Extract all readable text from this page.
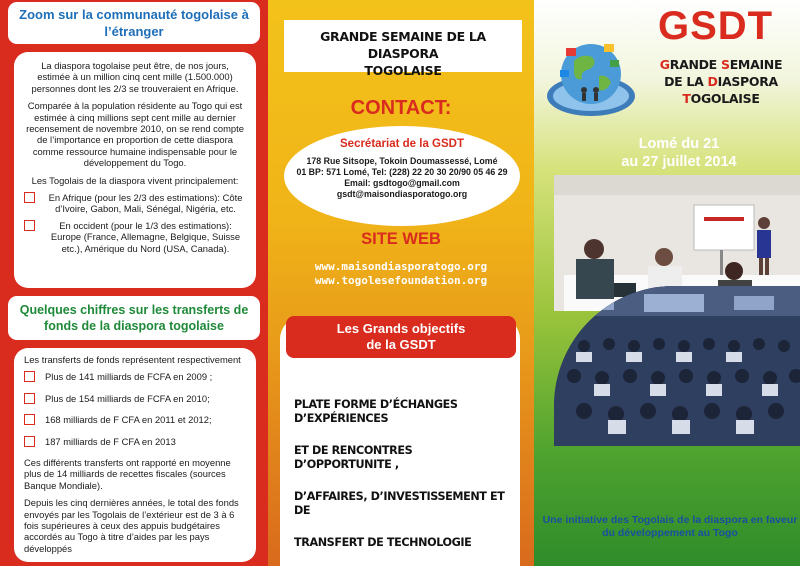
Zoom sur la communauté togolaise à l’étranger
La diaspora togolaise peut être, de nos jours, estimée à un million cinq cent mille (1.500.000) personnes dont les 2/3 se trouveraient en Afrique.
Comparée à la population résidente au Togo qui est estimée à cinq millions sept cent mille au dernier recensement de novembre 2010, on se rend compte de l’importance en proportion de cette diaspora comme ressource humaine indispensable pour le développement du Togo.
Les Togolais de la diaspora vivent principalement:
En Afrique (pour les 2/3 des estimations): Côte d’Ivoire, Gabon, Mali, Sénégal, Nigéria, etc.
En occident (pour le 1/3 des estimations): Europe (France, Allemagne, Belgique, Suisse etc.), Amérique du Nord (USA, Canada).
Quelques chiffres sur les transferts de fonds de la diaspora togolaise
Les transferts de fonds représentent respectivement
Plus de 141 milliards de FCFA en 2009 ;
Plus de 154 milliards de FCFA en 2010;
168 milliards de F CFA en 2011 et 2012;
187 milliards de F CFA en 2013
Ces différents transferts ont rapporté en moyenne plus de 14 milliards de recettes fiscales (sources Banque Mondiale).
Depuis les cinq dernières années, le total des fonds envoyés par les Togolais de l’extérieur est de 3 à 6 fois supérieures à ceux des appuis budgétaires accordés au Togo à titre d’aides par les pays développés
GRANDE SEMAINE DE LA DIASPORA
TOGOLAISE
CONTACT:
Secrétariat de la GSDT
178 Rue Sitsope, Tokoin Doumassessé, Lomé
01 BP: 571 Lomé, Tel: (228) 22 20 30 20/90 05 46 29
Email: gsdtogo@gmail.com
gsdt@maisondiasporatogo.org
SITE WEB
www.maisondiasporatogo.org
www.togolesefoundation.org
PLATE FORME D’ÉCHANGES D’EXPÉRIENCES
ET DE RENCONTRES D’OPPORTUNITE ,
D’AFFAIRES, D’INVESTISSEMENT ET DE
TRANSFERT DE TECHNOLOGIE
Les Grands objectifs
de la GSDT
GSDT
GRANDE SEMAINE
DE LA DIASPORA
TOGOLAISE
Lomé du 21
au 27 juillet 2014
Une initiative des Togolais de la diaspora en faveur du développement au Togo
